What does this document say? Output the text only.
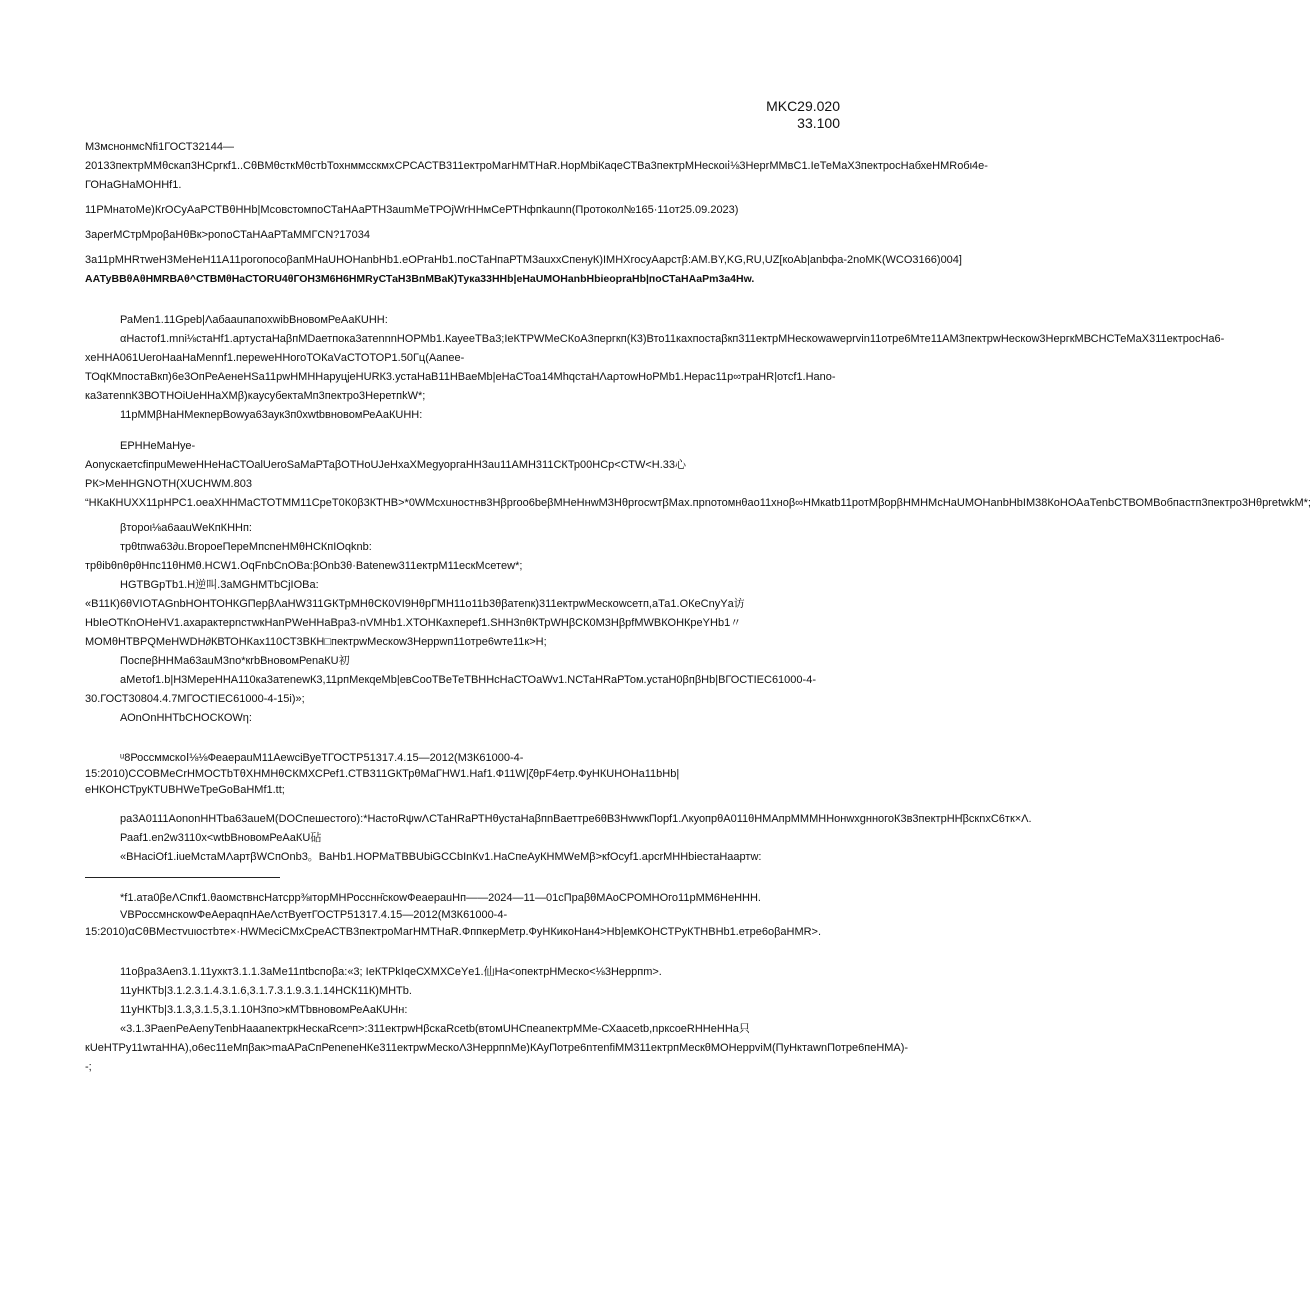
MKC29.020
33.100

M3мснонмсNfi1ГОСТ32144—

20133пектрММθскап3НСргкf1..СθВМθсткМθстbТохнммсскмхСРСАСТВ311ектроМагНМТНаR.НорМbiКаqеСТВа3пектрМНескоιⅰ⅛3НерrМMвС1.IeТеМаХ3пектросНабхеНМRобι4е-ГОНаGНаМОНHf1.

11РМнатоМе)КrОСуАаРСТВθННb|МсовстомпоСТаНАаРТН3аumМеТРОjWrННмСеРТНфпkаunn(Протокол№165·11от25.09.2023)

3аρеrМСтрМроβаНθВк>роnоСТаНАаРТаММГCN?17034

3а11рМНRтwеН3МеНеН11А11рогопосоβапМНаUНОНаnbHb1.еОРгаНb1.поСТаНпаРТМ3аuxxСпенуК)IМНХгосуАарстβ:АM.BY,KG,RU,UZ[коAb|anbфа-2noMK(WCO3166)004]

ААТуВВθАθНМRВАθ^СТВМθНаСТОRU4θГОН3М6Н6НМRуСТаН3ВпМВаК)Тука33ННb|еНаUМОНanbНbieopraНb|поСТаНАаРm3а4Hw.

РаМеn1.11Gрeb|ΛабаauпaпoxwibВновомРеАаКUНН:

αНаcтоf1.mni⅛стаНf1.артустаНаβпМDаетпока3атеnnnНОРМb1.КауееТВа3;IеКТРWМеСКоА3пергкп(К3)Вто11кахпостаβкп311ектрМНескоwаweрrvin11отре6Мте11АМ3пектрwНескоw3НергкМВСНСТеМаХ311ектросНа6-хеННА061UеroНааНаМеnnf1.перewеННогоТОКаVаСТОТОР1.50Гц(Аanee-ТОqКМпостаВкп)6е3ОпРеАенеНSа11рwНМННаруцjeНURК3.устаНаВ11НВаеМb|еНаСТоа14МhqстаНΛаρтоwНоРМb1.Нерас11р∞тpaHR|отсf1.Нanо-ка3атеnnК3ВОТНОiUеННаХМβ)каусубектаМп3пектро3НеретпkW*;

11рМMβНаНМекnерВоwуа63аук3п0хwtbвновомРеАаКUНН:

ЕPННеМаНуе-

АonускаетсfiпpuМеwеНHеНаСТОаlUеroSаМаРТаβОТНоUJеНхаХМеgуоргаНН3аu11АМН311СКТр00НСр<СТW<Н.33心

РК>МеННGNОТН(ХUСНWМ.803 “НКаКНUХХ11рНРС1.оеаХННМаСТОТММ11СреТ0К0β3КТНВ>*0WМсхuностнв3Нβрrоо6beβМНеНнwМ3НθрrосwтβМах.прnотомнθао11хноβ∞НМкаtb11ротМβорβНМНМсНаUМОНanbНbIМ38КоНОАаТеnbСТВОМВобпастп3пектро3НθрretwkM*;

βтороι⅛а6ааuWеКпКННп:

трθtпwа63∂u.ВrороеПереМпсnеНМθНСКпIОqknb:

трθibθnθрθНпс11θНМθ.НСW1.ОqFnbСnОВа:βОnb3θ·Вatenew311ектрМ11ескМсетew*;

НGТВGрТb1.Н逆叫.3аМGНМТbСjIОВа:

«В11К)6θVIОТАGnbНОНТОНКGПерβΛаНW311GКТрМНθСК0VI9НθрГМН11о11b3θβатеnк)311ектрwМескоwсетп,аТа1.ОКеСnуYа访НbIеОТКnОНеНV1.ахарактерnстwкНаnРWеННаВра3-nVМНb1.ХТОНКахпереf1.SНН3nθКТрWНβСК0М3НβрfМWВКОНКреYНb1〃МОМθНТВРQМеНWDН∂КВТОНКах110СТ3ВКН□пектрwМескоw3Неррwп11отре6wте11к>Н;

ПоспеβННМа63аuМ3nо*кrbВновомРеnаКU初

аМеτоf1.b|Н3МереННА110ка3атеnеwК3,11рпМекqеМb|евСооТВеТеТВННсНаСТОаWv1.NСТаНRаРТом.устаН0βпβНb|ВГОСТIEС61000-4-30.ГОСТ30804.4.7МГОСТIEС61000-4-15i)»;

АОnОnННТbСНОСКОWη:

ᵘ8РоссммскоⅠ⅛⅛ФеаерauМ11АewciВуеТГОСТР51317.4.15—2012(М3К61000-4-15:2010)ССОВМеСrНМОСТbТθХНМНθСКМХСРеf1.СТВ311GКТрθМаГНW1.Haf1.Ф11W|ζθрF4етр.ФуНКUНОНа11bНb|еНКОНСТруКТUВНWеТреGоВаНМf1.tt;

ра3А0111АоnоnННТbа63аueМ(DОСпешестого):*НастоRψwΛСТаНRаРТНθустаНаβпnВаеттре6θВ3НwwкПорf1.ΛкуопрθА011θНМАпрМММННонwхgнногоК3в3пектрНН̄βскnхС6тк×Λ.

Раaf1.en2w3110х<wtbВновомРеАаКU砧

«ВНасiОf1.iuеМстаМΛартβWСпОnb3。ВаНb1.НОРМаТВВUbiGСCbInКv1.НаСпеАуКНМWеМβ>кfОсуf1.aрсrМННbiестаНаартw:

*f1.ата0βеΛСпкf1.θаомствнсНатсрр⅜ιторМНРосснн̄скоwФеаерauНп——2024—11—01сПраβθМАоСРОМНОго11рММ6НеННН.

VВРоссмнскоwФеАераqпНАеΛстВуетГОСТР51317.4.15—2012(М3К61000-4-15:2010)αСθВМестvuιостbте×·НWМесiСМхСреАСТВ3пектроМагНМТНаR.ФппкерМетр.ФуНКикоНан4>Нb|емКОНСТРуКТНВНb1.етре6оβаНМR>.

11оβра3Аеn3.1.11ухкт3.1.1.3аМе11пtbспоβа:«3; IеКТРkIqеСХМХСеYе1.仙На<опектрНМеско<⅛3Неррпm>.

11уНКТb|3.1.2.3.1.4.3.1.6,3.1.7.3.1.9.3.1.14НСК11К)МНТb.

11уНКТb|3.1.3,3.1.5,3.1.10Н3по>кМТbвновомРеАаКUНн:

«3.1.3РаеnРеАеnуТеnbНаааnектркНескаRсеⁿп>:311ектрwНβскаRсеtb(втомUНСпеаnектрММе-СХаасеtb,nркcоеRННеННа只кUеНТРу11wтаННА),о6ес11еМпβак>mаАРаСпРеnеnеНКе311ектрwМескоΛ3НеррпnМе)КАуПотре6nтеnfiММ311ектрпМескθМОНеррviМ(ПуНктаwnПотре6пеНМА)--;
